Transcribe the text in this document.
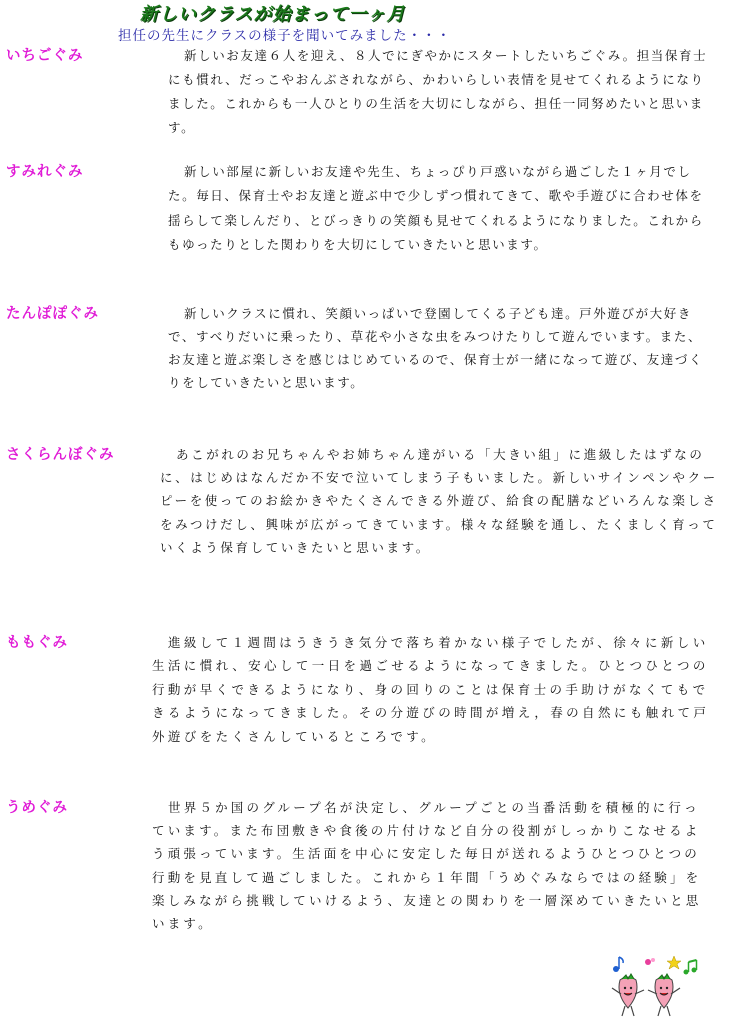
新しいクラスが始まって一ヶ月
担任の先生にクラスの様子を聞いてみました・・・
いちごぐみ	新しいお友達６人を迎え、８人でにぎやかにスタートしたいちごぐみ。担当保育士にも慣れ、だっこやおんぶされながら、かわいらしい表情を見せてくれるようになりました。これからも一人ひとりの生活を大切にしながら、担任一同努めたいと思います。

すみれぐみ	新しい部屋に新しいお友達や先生、ちょっぴり戸惑いながら過ごした１ヶ月でした。毎日、保育士やお友達と遊ぶ中で少しずつ慣れてきて、歌や手遊びに合わせ体を揺らして楽しんだり、とびっきりの笑顔も見せてくれるようになりました。これからもゆったりとした関わりを大切にしていきたいと思います。

たんぽぽぐみ	新しいクラスに慣れ、笑顔いっぱいで登園してくる子ども達。戸外遊びが大好きで、すべりだいに乗ったり、草花や小さな虫をみつけたりして遊んでいます。また、お友達と遊ぶ楽しさを感じはじめているので、保育士が一緒になって遊び、友達づくりをしていきたいと思います。

さくらんぼぐみ	あこがれのお兄ちゃんやお姉ちゃん達がいる「大きい組」に進級したはずなのに、はじめはなんだか不安で泣いてしまう子もいました。新しいサインペンやクーピーを使ってのお絵かきやたくさんできる外遊び、給食の配膳などいろんな楽しさをみつけだし、興味が広がってきています。様々な経験を通し、たくましく育っていくよう保育していきたいと思います。

ももぐみ	進級して１週間はうきうき気分で落ち着かない様子でしたが、徐々に新しい生活に慣れ、安心して一日を過ごせるようになってきました。ひとつひとつの行動が早くできるようになり、身の回りのことは保育士の手助けがなくてもできるようになってきました。その分遊びの時間が増え，春の自然にも触れて戸外遊びをたくさんしているところです。

うめぐみ	世界５か国のグループ名が決定し、グループごとの当番活動を積極的に行っています。また布団敷きや食後の片付けなど自分の役割がしっかりこなせるよう頑張っています。生活面を中心に安定した毎日が送れるようひとつひとつの行動を見直して過ごしました。これから１年間「うめぐみならではの経験」を楽しみながら挑戦していけるよう、友達との関わりを一層深めていきたいと思います。
